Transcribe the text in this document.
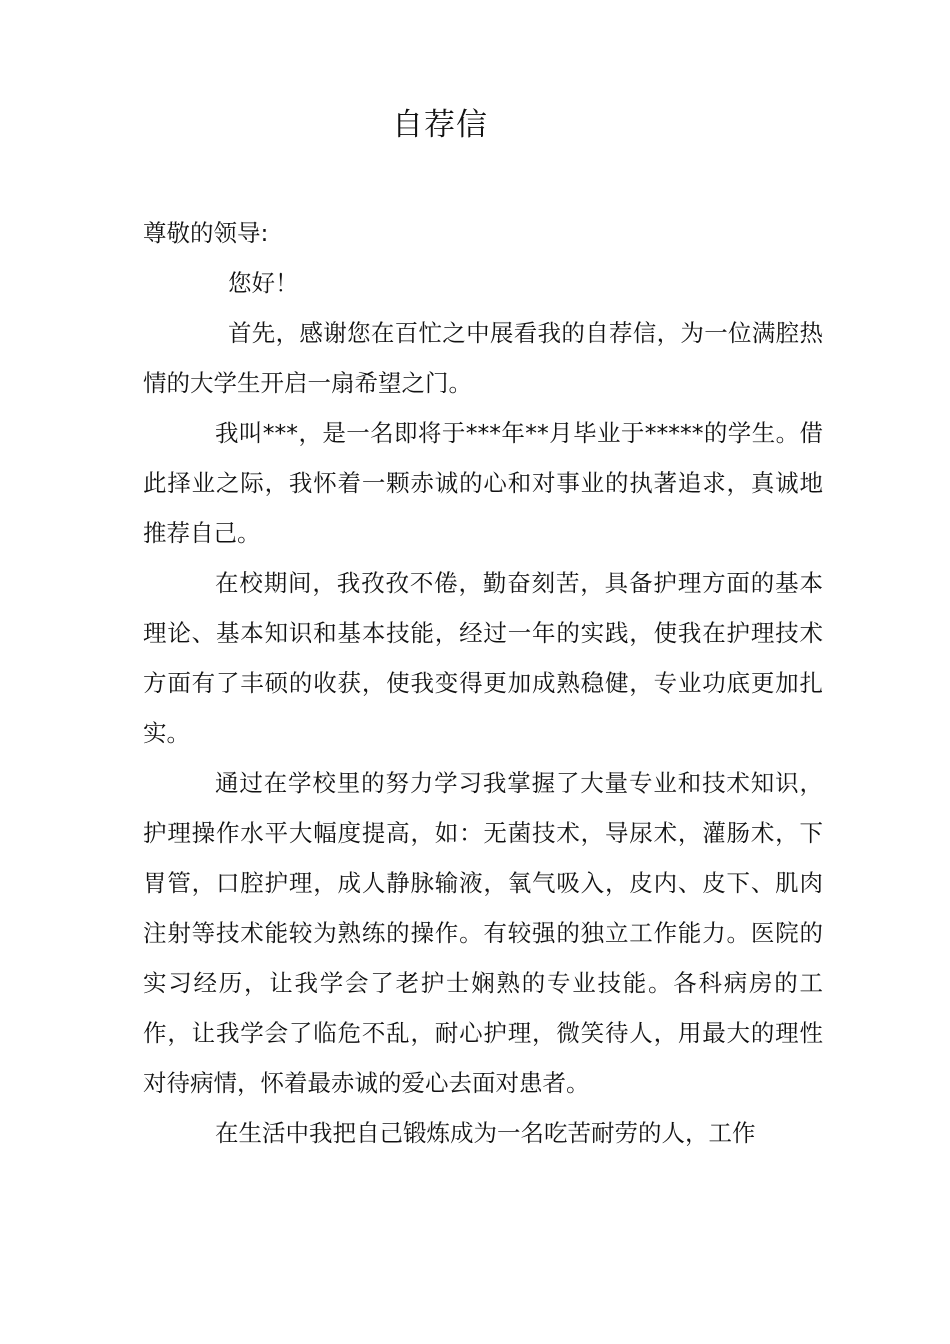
自荐信

尊敬的领导:

您好！

首先，感谢您在百忙之中展看我的自荐信，为一位满腔热情的大学生开启一扇希望之门。

我叫***，是一名即将于***年**月毕业于*****的学生。借此择业之际，我怀着一颗赤诚的心和对事业的执著追求，真诚地推荐自己。

在校期间，我孜孜不倦，勤奋刻苦，具备护理方面的基本理论、基本知识和基本技能，经过一年的实践，使我在护理技术方面有了丰硕的收获，使我变得更加成熟稳健，专业功底更加扎实。

通过在学校里的努力学习我掌握了大量专业和技术知识，护理操作水平大幅度提高，如：无菌技术，导尿术，灌肠术，下胃管，口腔护理，成人静脉输液，氧气吸入，皮内、皮下、肌肉注射等技术能较为熟练的操作。有较强的独立工作能力。医院的实习经历，让我学会了老护士娴熟的专业技能。各科病房的工作，让我学会了临危不乱，耐心护理，微笑待人，用最大的理性对待病情，怀着最赤诚的爱心去面对患者。

在生活中我把自己锻炼成为一名吃苦耐劳的人，工作
